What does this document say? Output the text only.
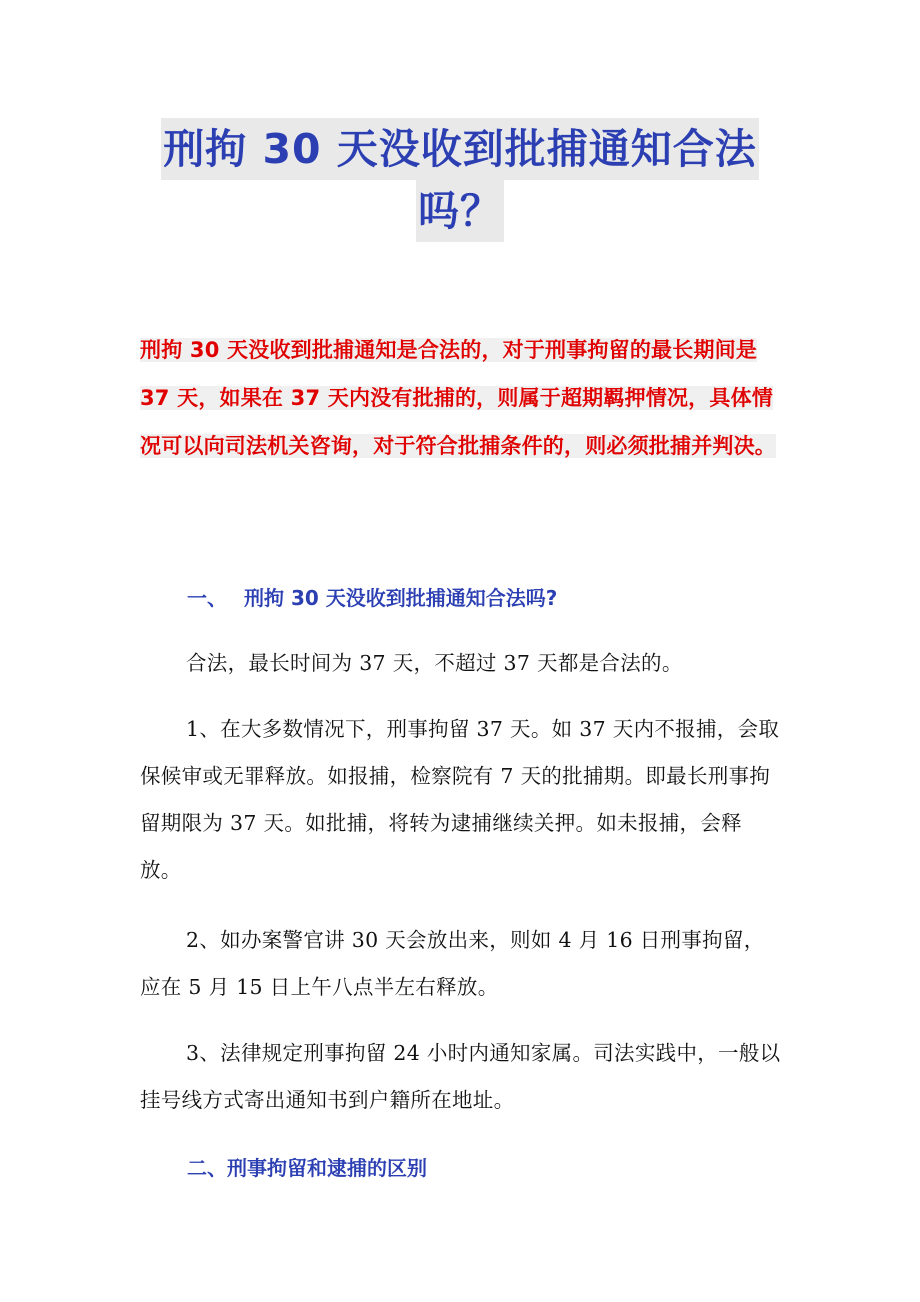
刑拘 30 天没收到批捕通知合法
吗？
刑拘 30 天没收到批捕通知是合法的，对于刑事拘留的最长期间是 37 天，如果在 37 天内没有批捕的，则属于超期羁押情况，具体情况可以向司法机关咨询，对于符合批捕条件的，则必须批捕并判决。
一、 刑拘 30 天没收到批捕通知合法吗?
合法，最长时间为 37 天，不超过 37 天都是合法的。
1、在大多数情况下，刑事拘留 37 天。如 37 天内不报捕，会取保候审或无罪释放。如报捕，检察院有 7 天的批捕期。即最长刑事拘留期限为 37 天。如批捕，将转为逮捕继续关押。如未报捕，会释放。
2、如办案警官讲 30 天会放出来，则如 4 月 16 日刑事拘留，应在 5 月 15 日上午八点半左右释放。
3、法律规定刑事拘留 24 小时内通知家属。司法实践中，一般以挂号线方式寄出通知书到户籍所在地址。
二、刑事拘留和逮捕的区别
